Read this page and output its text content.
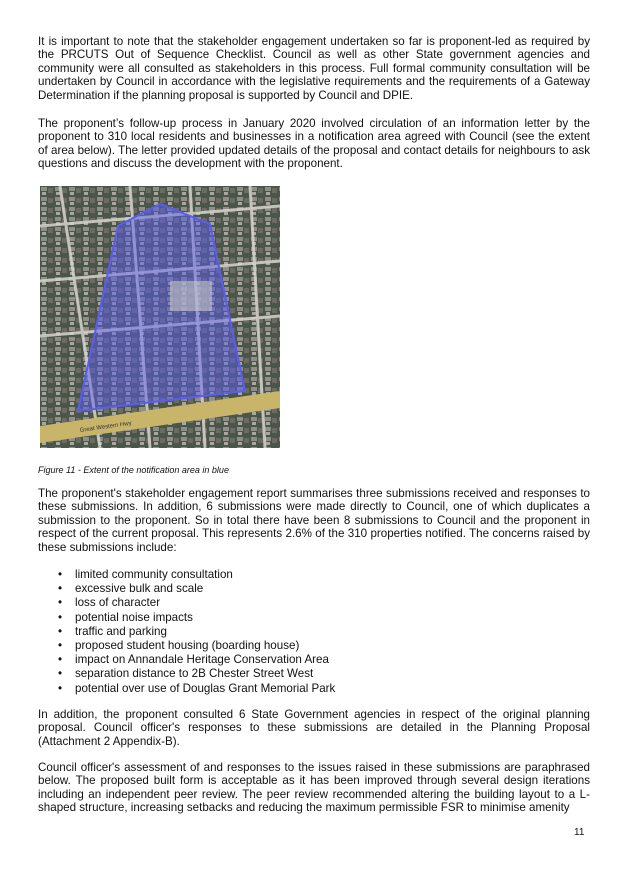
It is important to note that the stakeholder engagement undertaken so far is proponent-led as required by the PRCUTS Out of Sequence Checklist. Council as well as other State government agencies and community were all consulted as stakeholders in this process. Full formal community consultation will be undertaken by Council in accordance with the legislative requirements and the requirements of a Gateway Determination if the planning proposal is supported by Council and DPIE.

The proponent’s follow-up process in January 2020 involved circulation of an information letter by the proponent to 310 local residents and businesses in a notification area agreed with Council (see the extent of area below). The letter provided updated details of the proposal and contact details for neighbours to ask questions and discuss the development with the proponent.

Great Western Hwy

Figure 11 - Extent of the notification area in blue

The proponent's stakeholder engagement report summarises three submissions received and responses to these submissions. In addition, 6 submissions were made directly to Council, one of which duplicates a submission to the proponent. So in total there have been 8 submissions to Council and the proponent in respect of the current proposal. This represents 2.6% of the 310 properties notified. The concerns raised by these submissions include:

• limited community consultation
• excessive bulk and scale
• loss of character
• potential noise impacts
• traffic and parking
• proposed student housing (boarding house)
• impact on Annandale Heritage Conservation Area
• separation distance to 2B Chester Street West
• potential over use of Douglas Grant Memorial Park

In addition, the proponent consulted 6 State Government agencies in respect of the original planning proposal. Council officer's responses to these submissions are detailed in the Planning Proposal (Attachment 2 Appendix-B).

Council officer's assessment of and responses to the issues raised in these submissions are paraphrased below. The proposed built form is acceptable as it has been improved through several design iterations including an independent peer review. The peer review recommended altering the building layout to a L-shaped structure, increasing setbacks and reducing the maximum permissible FSR to minimise amenity

11
